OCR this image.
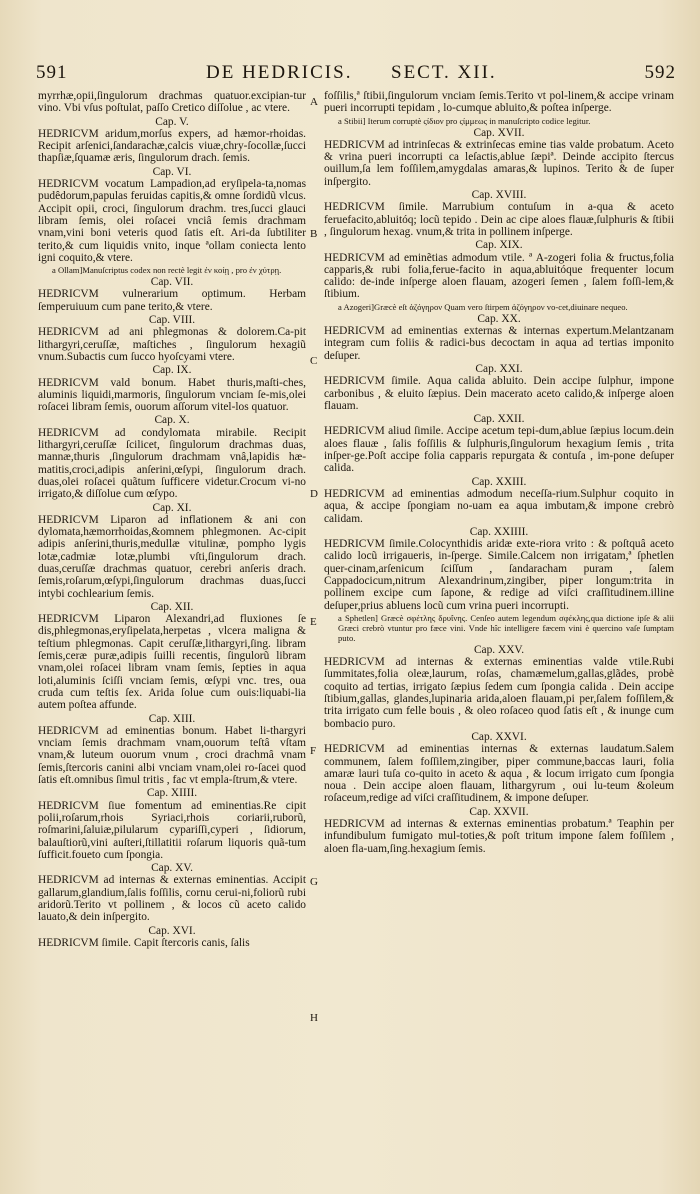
591	DE HEDRICIS. SECT. XII.	592

myrrhæ,opii,ſingulorum drachmas quatuor.excipian-tur vino. Vbi vſus poſtulat, paſſo Cretico diſſolue , ac vtere.

Cap. V.

HEDRICVM aridum,morſus expers, ad hæmor-rhoidas. Recipit arſenici,ſandarachæ,calcis viuæ,chry-ſocollæ,ſucci thapſiæ,ſquamæ æris, ſingulorum drach. ſemis.

Cap. VI.

HEDRICVM vocatum Lampadion,ad eryſipela-ta,nomas pudêdorum,papulas feruidas capitis,& omne ſordidũ vlcus. Accipit opii, croci, ſingulorum drachm. tres,ſucci glauci libram ſemis, olei roſacei vnciâ ſemis drachmam vnam,vini boni veteris quod ſatis eſt. Ari-da ſubtiliter terito,& cum liquidis vnito, inque ªollam coniecta lento igni coquito,& vtere.

a Ollam]Manuſcriptus codex non rectè legit ἐν κοίῃ , pro ἐν χύτρῃ.

Cap. VII.

HEDRICVM vulnerarium optimum. Herbam ſemperuiuum cum pane terito,& vtere.

Cap. VIII.

HEDRICVM ad ani phlegmonas & dolorem.Ca-pit lithargyri,ceruſſæ, maſtiches , ſingulorum hexagiũ vnum.Subactis cum ſucco hyoſcyami vtere.

Cap. IX.

HEDRICVM vald bonum. Habet thuris,maſti-ches, aluminis liquidi,marmoris, ſingulorum vnciam ſe-mis,olei roſacei libram ſemis, ouorum aſſorum vitel-los quatuor.

Cap. X.

HEDRICVM ad condylomata mirabile. Recipit lithargyri,ceruſſæ ſcilicet, ſingulorum drachmas duas, mannæ,thuris ,ſingulorum drachmam vnâ,lapidis hæ-matitis,croci,adipis anſerini,œſypi, ſingulorum drach. duas,olei roſacei quãtum ſufficere videtur.Crocum vi-no irrigato,& diſſolue cum œſypo.

Cap. XI.

HEDRICVM Liparon ad inflationem & ani con dylomata,hæmorrhoidas,&omnem phlegmonen. Ac-cipit adipis anſerini,thuris,medullæ vitulinæ, pompho lygis lotæ,cadmiæ lotæ,plumbi vſti,ſingulorum drach. duas,ceruſſæ drachmas quatuor, cerebri anſeris drach. ſemis,roſarum,œſypi,ſingulorum drachmas duas,ſucci intybi cochlearium ſemis.

Cap. XII.

HEDRICVM Liparon Alexandri,ad fluxiones ſe dis,phlegmonas,eryſipelata,herpetas , vlcera maligna & teſtium phlegmonas. Capit ceruſſæ,lithargyri,ſing. libram ſemis,ceræ puræ,adipis ſuilli recentis, ſingulorũ libram vnam,olei roſacei libram vnam ſemis, ſepties in aqua loti,aluminis ſciſſi vnciam ſemis, œſypi vnc. tres, oua cruda cum teſtis ſex. Arida ſolue cum ouis:liquabi-lia autem poſtea affunde.

Cap. XIII.

HEDRICVM ad eminentias bonum. Habet li-thargyri vnciam ſemis drachmam vnam,ouorum teſtâ vſtam vnam,& luteum ouorum vnum , croci drachmâ vnam ſemis,ſtercoris canini albi vnciam vnam,olei ro-ſacei quod ſatis eſt.omnibus ſimul tritis , fac vt empla-ſtrum,& vtere.

Cap. XIIII.

HEDRICVM ſiue fomentum ad eminentias.Re cipit polii,roſarum,rhois Syriaci,rhois coriarii,ruborũ, roſmarini,ſaluiæ,pilularum cypariſſi,cyperi , ſidiorum, balauſtiorũ,vini auſteri,ſtillatitii roſarum liquoris quã-tum ſufficit.foueto cum ſpongia.

Cap. XV.

HEDRICVM ad internas & externas eminentias. Accipit gallarum,glandium,ſalis foſſilis, cornu cerui-ni,foliorũ rubi aridorũ.Terito vt pollinem , & locos cũ aceto calido lauato,& dein inſpergito.

Cap. XVI.

HEDRICVM ſimile. Capit ſtercoris canis, ſalis

foſſilis,ª ſtibii,ſingulorum vnciam ſemis.Terito vt pol-linem,& accipe vrinam pueri incorrupti tepidam , lo-cumque abluito,& poſtea inſperge.

a Stibii] Iterum corruptè ςίδιον pro ςίμμεως in manuſcripto codice legitur.

Cap. XVII.

HEDRICVM ad intrinſecas & extrinſecas emine tias valde probatum. Aceto & vrina pueri incorrupti ca leſactis,ablue ſæpiª. Deinde accipito ſtercus ouillum,ſa lem foſſilem,amygdalas amaras,& lupinos. Terito & de ſuper inſpergito.

Cap. XVIII.

HEDRICVM ſimile. Marrubium contuſum in a-qua & aceto feruefacito,abluitóq; locũ tepido . Dein ac cipe aloes flauæ,ſulphuris & ſtibii , ſingulorum hexag. vnum,& trita in pollinem inſperge.

Cap. XIX.

HEDRICVM ad eminẽtias admodum vtile. ª A-zogeri folia & fructus,folia capparis,& rubi folia,ferue-facito in aqua,abluitóque frequenter locum calido: de-inde inſperge aloen flauam, azogeri ſemen , ſalem foſſi-lem,& ſtibium.

a Azogeri]Græcè eſt ἀζόγηρον Quam vero ſtirpem ἀζόγηρον vo-cet,diuinare nequeo.

Cap. XX.

HEDRICVM ad eminentias externas & internas expertum.Melantzanam integram cum foliis & radici-bus decoctam in aqua ad tertias imponito deſuper.

Cap. XXI.

HEDRICVM ſimile. Aqua calida abluito. Dein accipe ſulphur, impone carbonibus , & eluito ſæpius. Dein macerato aceto calido,& inſperge aloen flauam.

Cap. XXII.

HEDRICVM aliud ſimile. Accipe acetum tepi-dum,ablue ſæpius locum.dein aloes flauæ , ſalis foſſilis & ſulphuris,ſingulorum hexagium ſemis , trita inſper-ge.Poſt accipe folia capparis repurgata & contuſa , im-pone deſuper calida.

Cap. XXIII.

HEDRICVM ad eminentias admodum neceſſa-rium.Sulphur coquito in aqua, & accipe ſpongiam no-uam ea aqua imbutam,& impone crebrò calidam.

Cap. XXIIII.

HEDRICVM ſimile.Colocynthidis aridæ exte-riora vrito : & poſtquâ aceto calido locũ irrigaueris, in-ſperge. Simile.Calcem non irrigatam,ª ſphetlen quer-cinam,arſenicum ſciſſum , ſandaracham puram , ſalem Cappadocicum,nitrum Alexandrinum,zingiber, piper longum:trita in pollinem excipe cum ſapone, & redige ad viſci craſſitudinem.illine deſuper,prius abluens locũ cum vrina pueri incorrupti.

a Sphetlen] Græcè σφέτλης δρυΐνης. Cenſeo autem legendum σφέκλης,qua dictione ipſe & alii Græci crebrò vtuntur pro fæce vini. Vnde hîc intelligere fæcem vini è quercino vaſe ſumptam puto.

Cap. XXV.

HEDRICVM ad internas & externas eminentias valde vtile.Rubi ſummitates,folia oleæ,laurum, roſas, chamæmelum,gallas,glãdes, probè coquito ad tertias, irrigato ſæpius ſedem cum ſpongia calida . Dein accipe ſtibium,gallas, glandes,lupinaria arida,aloen flauam,pi per,ſalem foſſilem,& trita irrigato cum felle bouis , & oleo roſaceo quod ſatis eſt , & inunge cum bombacio puro.

Cap. XXVI.

HEDRICVM ad eminentias internas & externas laudatum.Salem communem, ſalem foſſilem,zingiber, piper commune,baccas lauri, folia amaræ lauri tuſa co-quito in aceto & aqua , & locum irrigato cum ſpongia noua . Dein accipe aloen flauam, lithargyrum , oui lu-teum &oleum roſaceum,redige ad viſci craſſitudinem, & impone deſuper.

Cap. XXVII.

HEDRICVM ad internas & externas eminentias probatum.ª Teaphin per infundibulum fumigato mul-toties,& poſt tritum impone ſalem foſſilem , aloen fla-uam,ſing.hexagium ſemis.

A
B
C
D
E
F
G
H
